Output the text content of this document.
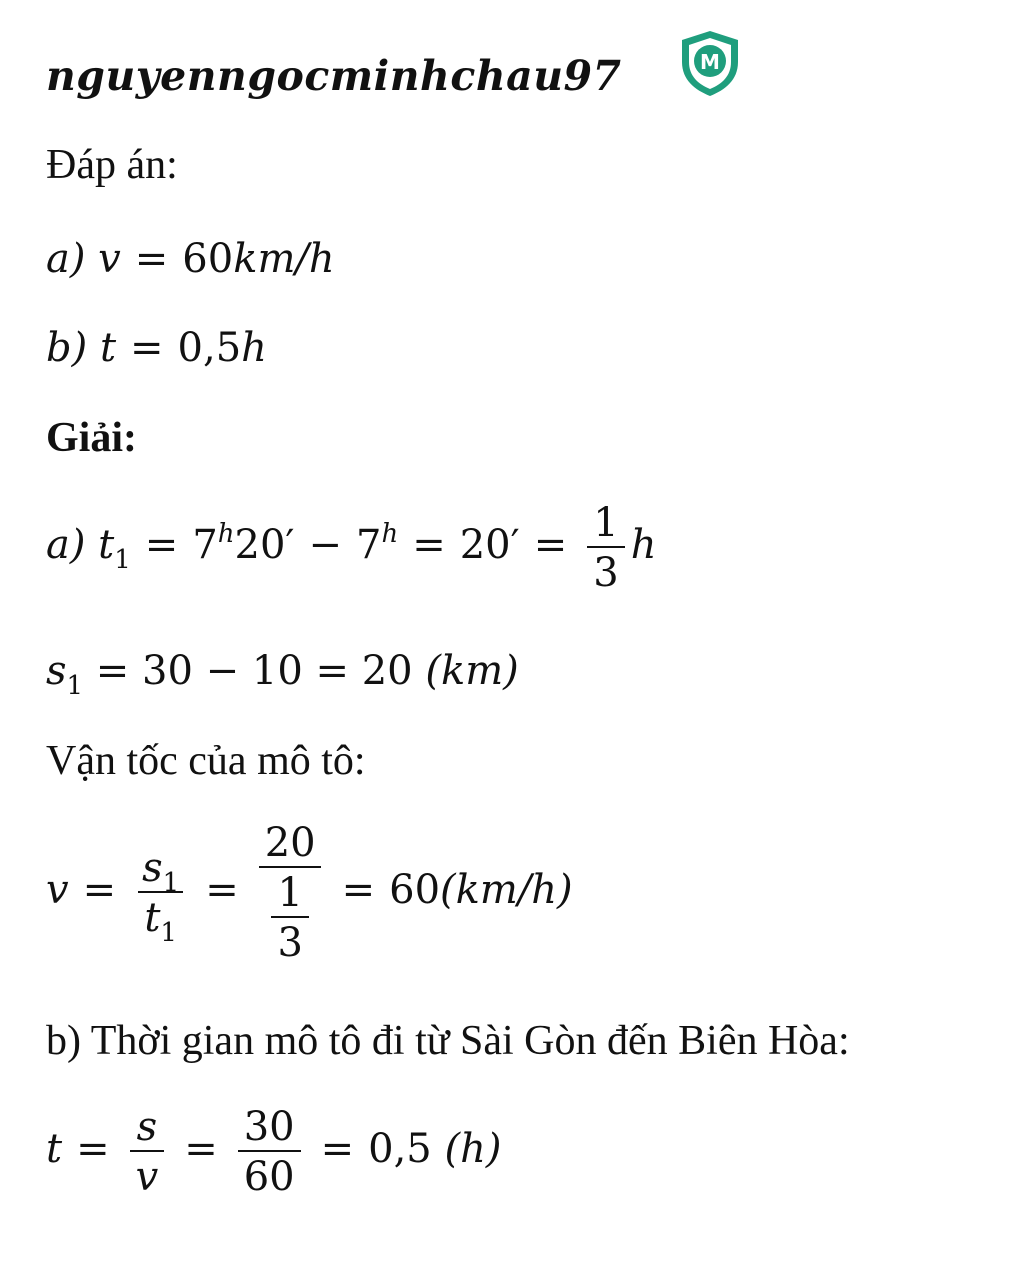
nguyenngocminhchau97	M
Đáp án:
a) v = 60km/h
b) t = 0,5h
Giải:
a) $t_1 = 7^h20' - 7^h = 20' = \frac{1}{3}$ h
$s_1 = 30 - 10 = 20$ (km)
Vận tốc của mô tô:
$v = \frac{s_1}{t_1} = \frac{20}{\frac{1}{3}} = 60(km/h)$
b) Thời gian mô tô đi từ Sài Gòn đến Biên Hòa:
$t = \frac{s}{v} = \frac{30}{60} = 0,5$ (h)
